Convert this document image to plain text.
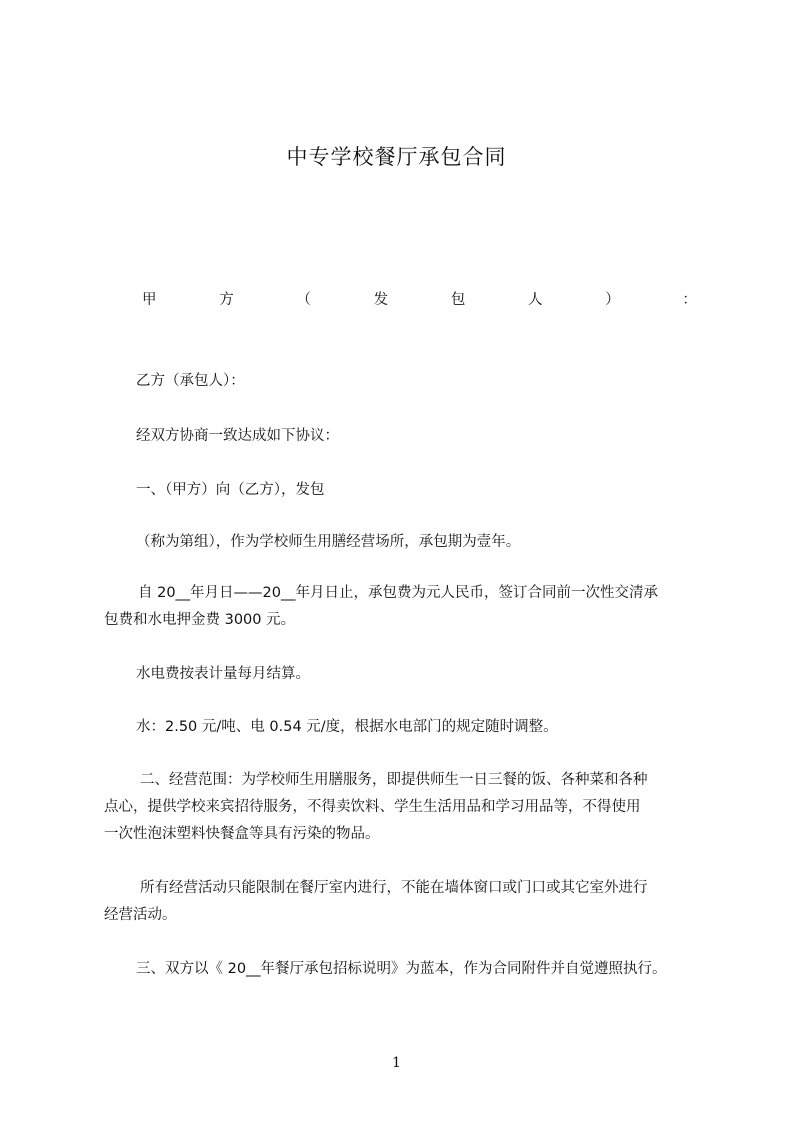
中专学校餐厅承包合同
甲	方	（	发	包	人	）	：
乙方（承包人）：
经双方协商一致达成如下协议：
一、（甲方）向（乙方），发包
（称为第组），作为学校师生用膳经营场所，承包期为壹年。
自 20__年月日——20__年月日止，承包费为元人民币，签订合同前一次性交清承
包费和水电押金费 3000 元。
水电费按表计量每月结算。
水：2.50 元/吨、电 0.54 元/度，根据水电部门的规定随时调整。
二、经营范围：为学校师生用膳服务，即提供师生一日三餐的饭、各种菜和各种
点心，提供学校来宾招待服务，不得卖饮料、学生生活用品和学习用品等，不得使用
一次性泡沫塑料快餐盒等具有污染的物品。
所有经营活动只能限制在餐厅室内进行，不能在墙体窗口或门口或其它室外进行
经营活动。
三、双方以《 20__年餐厅承包招标说明》为蓝本，作为合同附件并自觉遵照执行。
1
